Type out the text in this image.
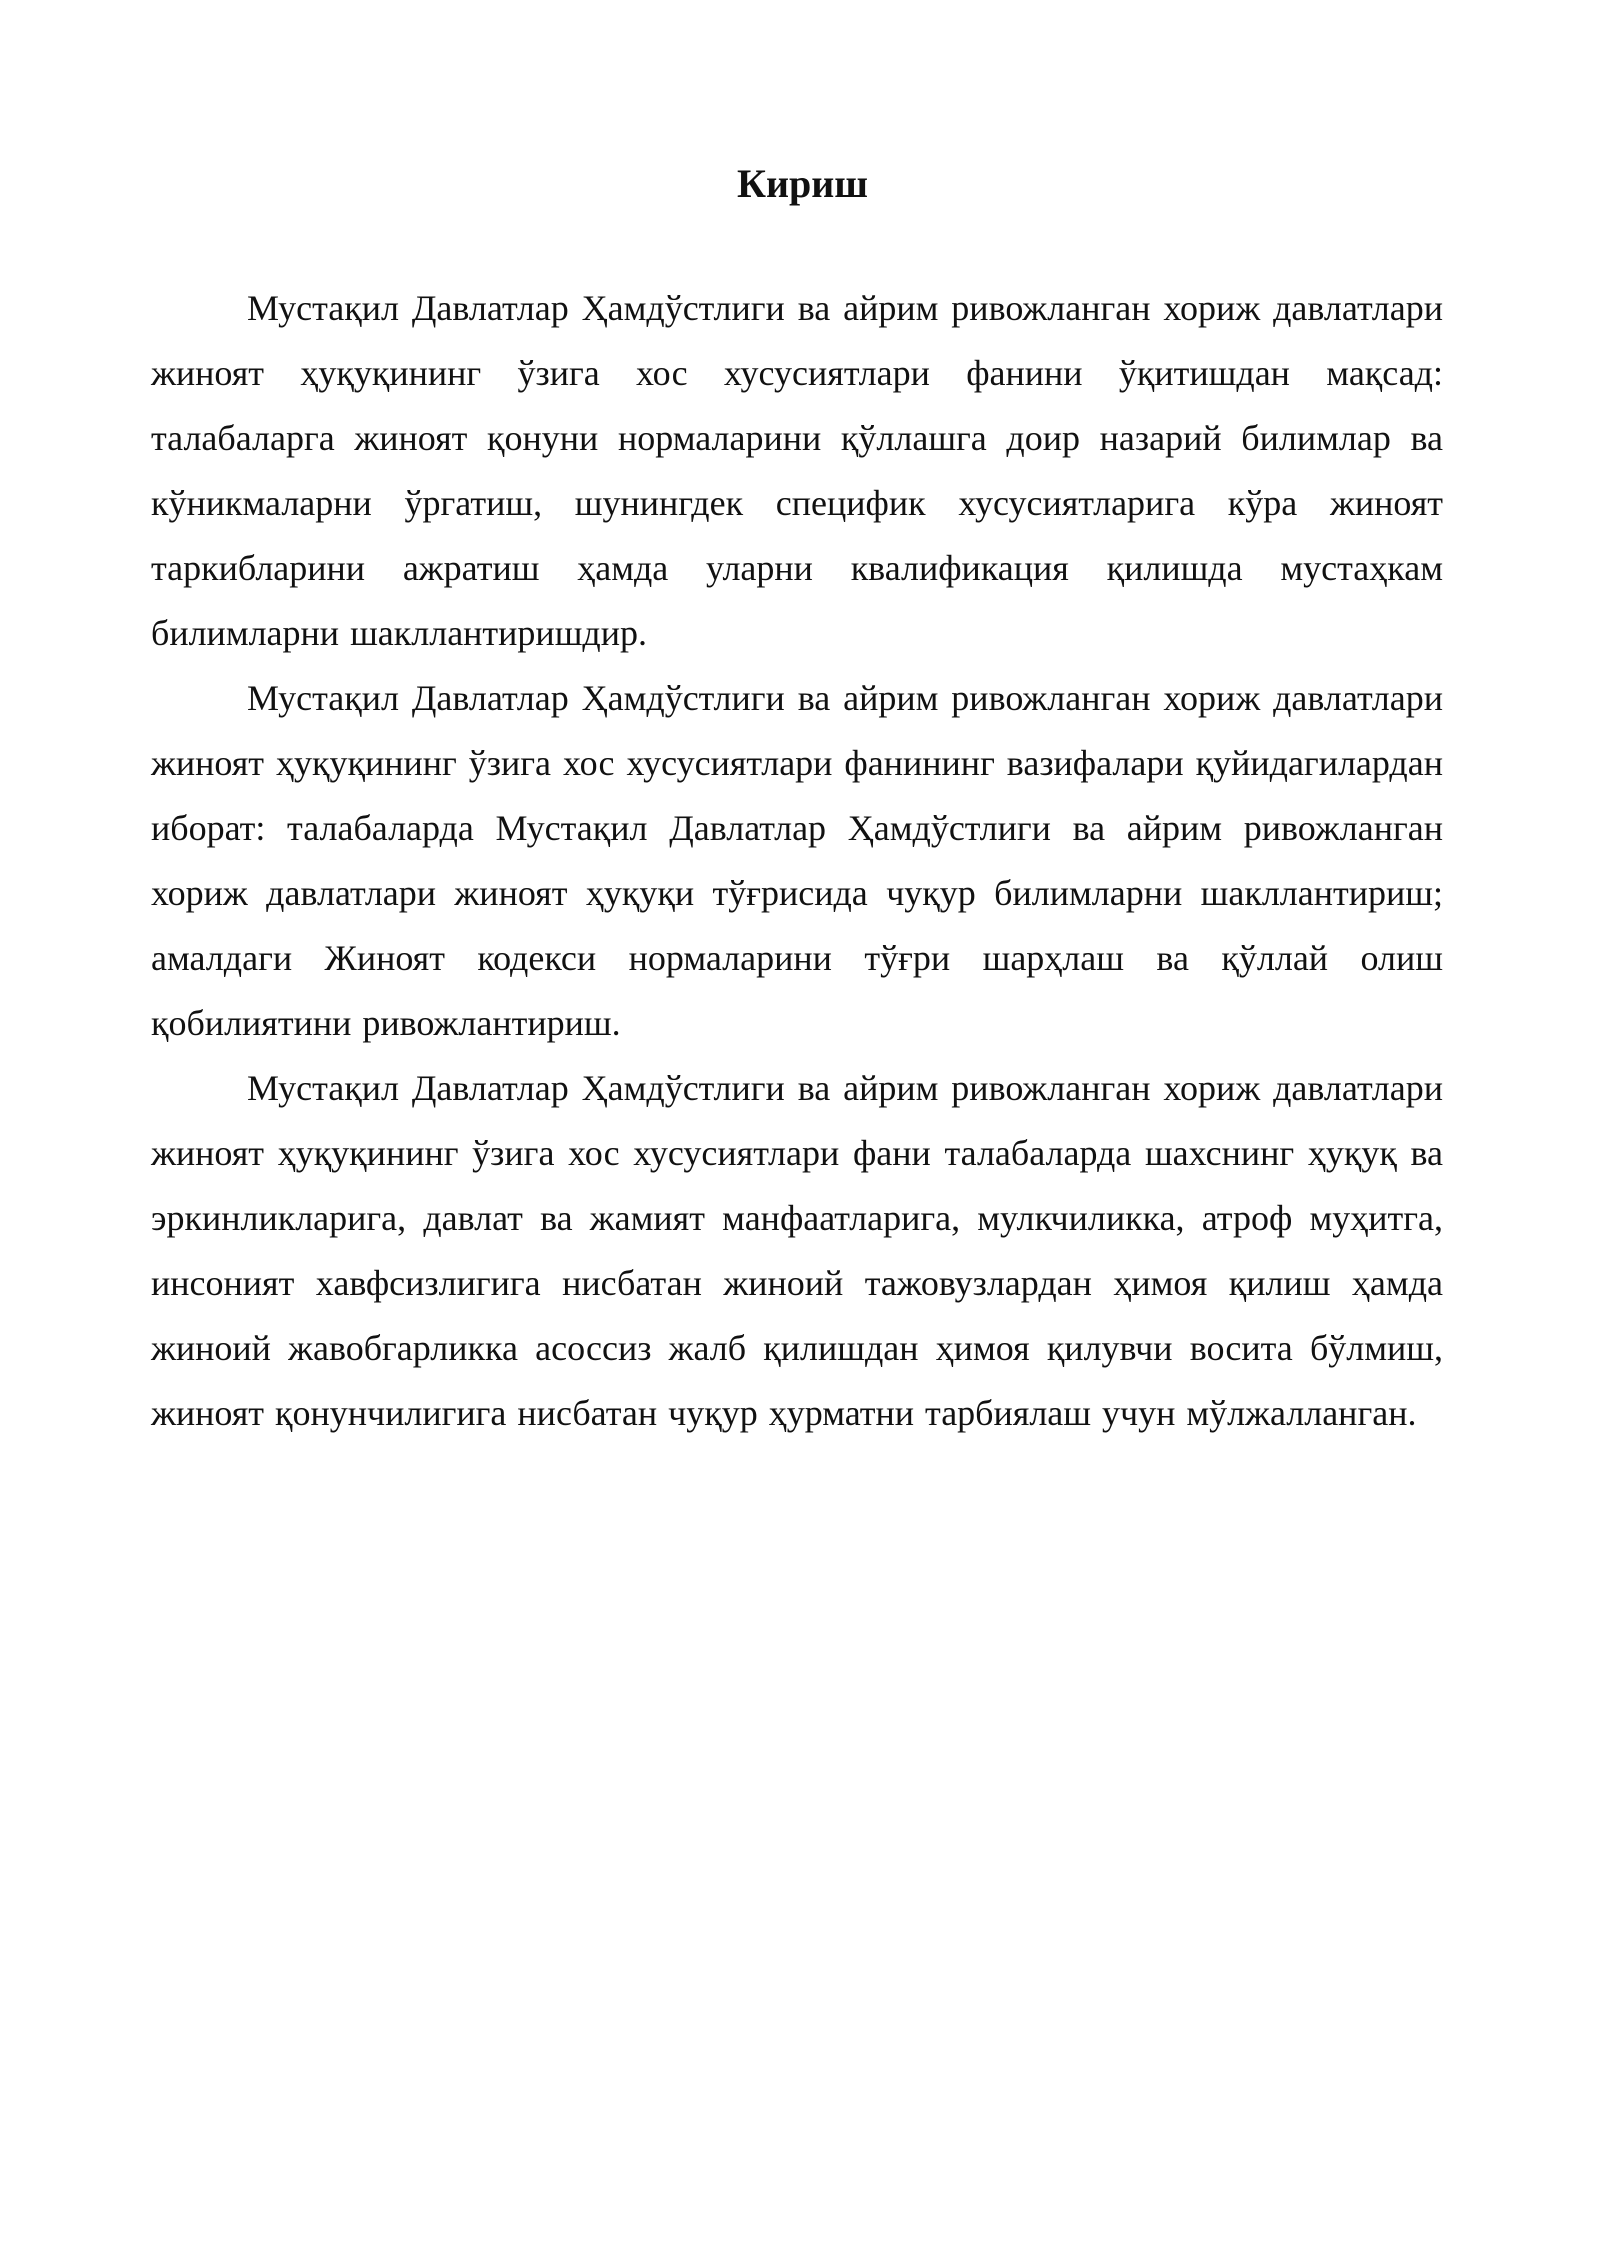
Кириш

Мустақил Давлатлар Ҳамдўстлиги ва айрим ривожланган хориж давлатлари жиноят ҳуқуқининг ўзига хос хусусиятлари фанини ўқитишдан мақсад: талабаларга жиноят қонуни нормаларини қўллашга доир назарий билимлар ва кўникмаларни ўргатиш, шунингдек специфик хусусиятларига кўра жиноят таркибларини ажратиш ҳамда уларни квалификация қилишда мустаҳкам билимларни шакллантиришдир.

Мустақил Давлатлар Ҳамдўстлиги ва айрим ривожланган хориж давлатлари жиноят ҳуқуқининг ўзига хос хусусиятлари фанининг вазифалари қуйидагилардан иборат: талабаларда Мустақил Давлатлар Ҳамдўстлиги ва айрим ривожланган хориж давлатлари жиноят ҳуқуқи тўғрисида чуқур билимларни шакллантириш; амалдаги Жиноят кодекси нормаларини тўғри шарҳлаш ва қўллай олиш қобилиятини ривожлантириш.

Мустақил Давлатлар Ҳамдўстлиги ва айрим ривожланган хориж давлатлари жиноят ҳуқуқининг ўзига хос хусусиятлари фани талабаларда шахснинг ҳуқуқ ва эркинликларига, давлат ва жамият манфаатларига, мулкчиликка, атроф муҳитга, инсоният хавфсизлигига нисбатан жиноий тажовузлардан ҳимоя қилиш ҳамда жиноий жавобгарликка асоссиз жалб қилишдан ҳимоя қилувчи восита бўлмиш, жиноят қонунчилигига нисбатан чуқур ҳурматни тарбиялаш учун мўлжалланган.
